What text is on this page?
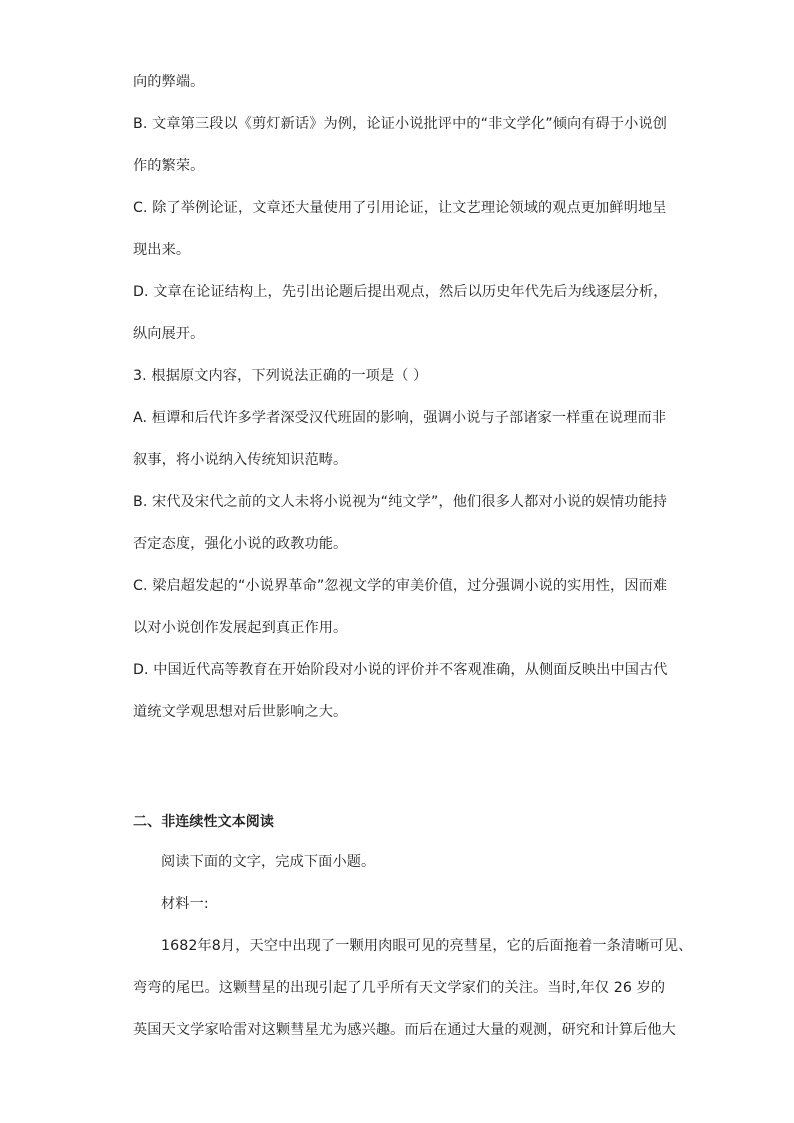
向的弊端。
B. 文章第三段以《剪灯新话》为例，论证小说批评中的“非文学化”倾向有碍于小说创
作的繁荣。
C. 除了举例论证，文章还大量使用了引用论证，让文艺理论领域的观点更加鲜明地呈
现出来。
D. 文章在论证结构上，先引出论题后提出观点，然后以历史年代先后为线逐层分析，
纵向展开。
3. 根据原文内容，下列说法正确的一项是（ ）
A. 桓谭和后代许多学者深受汉代班固的影响，强调小说与子部诸家一样重在说理而非
叙事，将小说纳入传统知识范畴。
B. 宋代及宋代之前的文人未将小说视为“纯文学”，他们很多人都对小说的娱情功能持
否定态度，强化小说的政教功能。
C. 梁启超发起的“小说界革命”忽视文学的审美价值，过分强调小说的实用性，因而难
以对小说创作发展起到真正作用。
D. 中国近代高等教育在开始阶段对小说的评价并不客观准确，从侧面反映出中国古代
道统文学观思想对后世影响之大。
二、非连续性文本阅读
阅读下面的文字，完成下面小题。
材料一:
1682年8月，天空中出现了一颗用肉眼可见的亮彗星，它的后面拖着一条清晰可见、
弯弯的尾巴。这颗彗星的出现引起了几乎所有天文学家们的关注。当时,年仅 26 岁的
英国天文学家哈雷对这颗彗星尤为感兴趣。而后在通过大量的观测，研究和计算后他大
